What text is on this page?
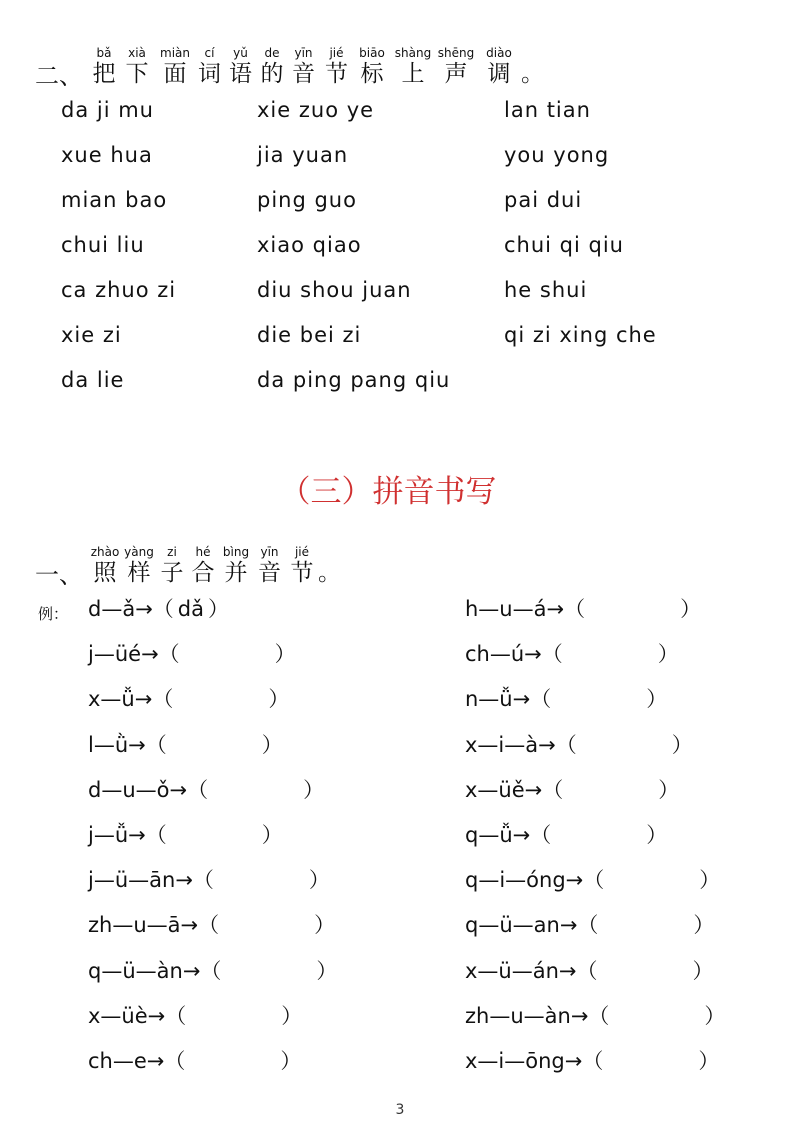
二、
bǎ
把
xià
下
miàn
面
cí
词
yǔ
语
de
的
yīn
音
jié
节
biāo
标
shàng
上
shēng
声
diào
调 。
da ji mu	xie zuo ye	lan tian
xue hua	jia yuan	you yong
mian bao	ping guo	pai dui
chui liu	xiao qiao	chui qi qiu
ca zhuo zi	diu shou juan	he shui
xie zi	die bei zi	qi zi xing che
da lie	da ping pang qiu
（三）拼音书写
一、
zhào
照
yàng
样
zi
子
hé
合
bìng
并
yīn
音
jié
节 。
例： d—ǎ→（ dǎ ）
j—üé→（	）
x—ǚ→（	）
l—ǜ→（	）
d—u—ǒ→（	）
j—ǚ→（	）
j—ü—ān→（	）
zh—u—ā→（	）
q—ü—àn→（	）
x—üè→（	）
ch—e→（	）
h—u—á→（	）
ch—ú→（	）
n—ǚ→（	）
x—i—à→（	）
x—üě→（	）
q—ǚ→（	）
q—i—óng→（	）
q—ü—an→（	）
x—ü—án→（	）
zh—u—àn→（	）
x—i—ōng→（	）
3
